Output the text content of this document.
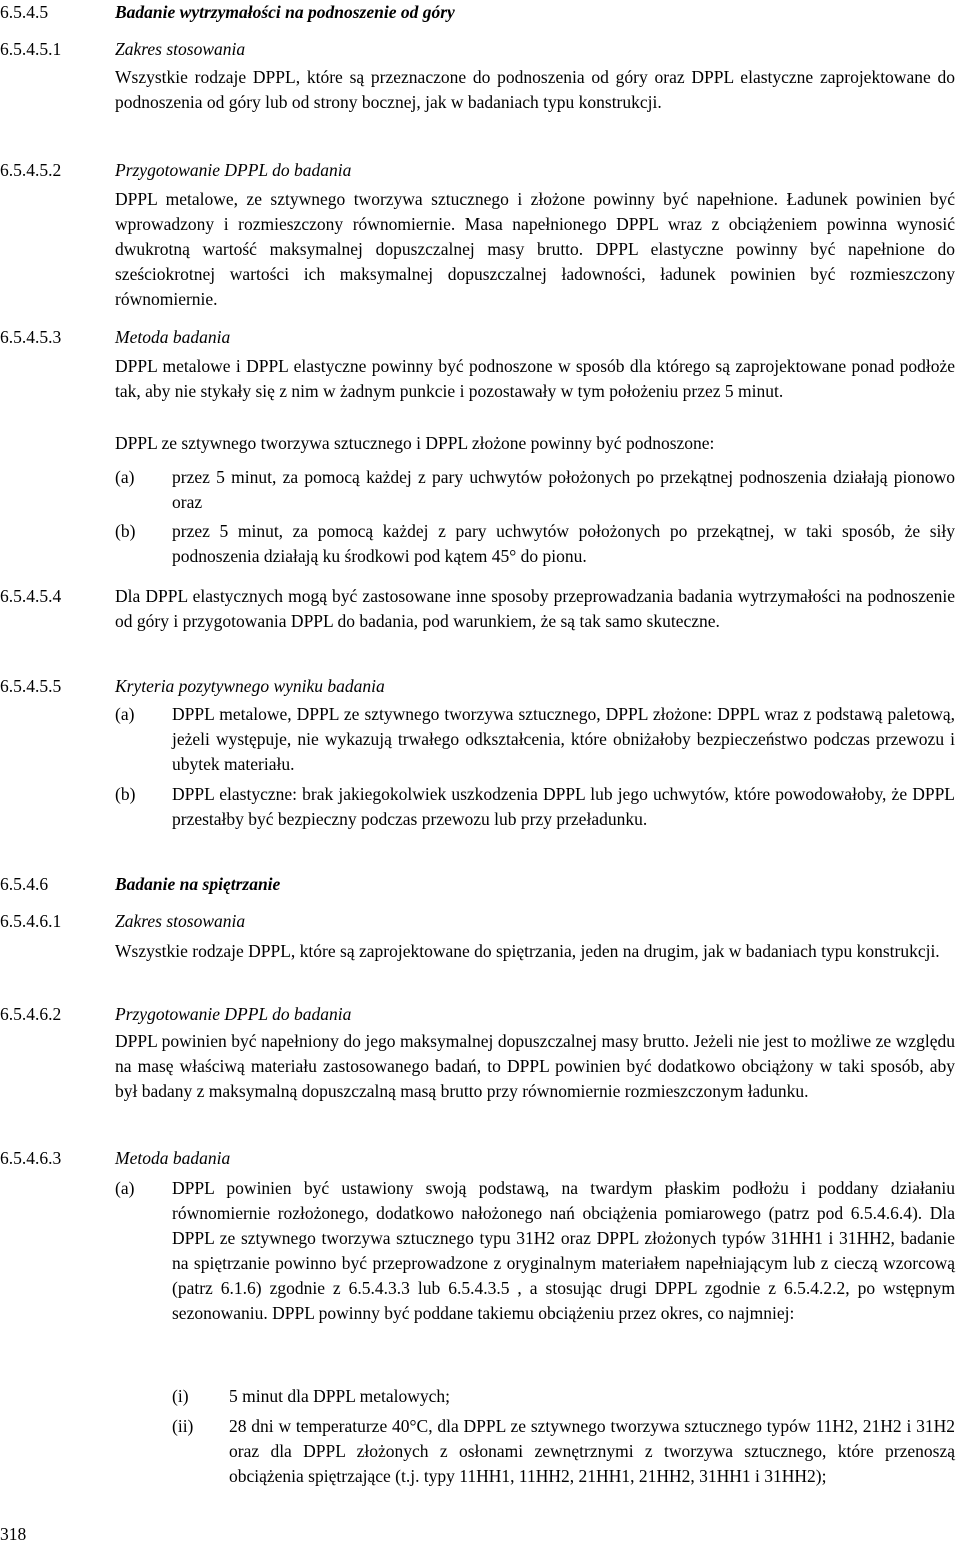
6.5.4.5	Badanie wytrzymałości na podnoszenie od góry
6.5.4.5.1	Zakres stosowania
Wszystkie rodzaje DPPL, które są przeznaczone do podnoszenia od góry oraz DPPL elastyczne zaprojektowane do podnoszenia od góry lub od strony bocznej, jak w badaniach typu konstrukcji.
6.5.4.5.2	Przygotowanie DPPL do badania
DPPL metalowe, ze sztywnego tworzywa sztucznego i złożone powinny być napełnione. Ładunek powinien być wprowadzony i rozmieszczony równomiernie. Masa napełnionego DPPL wraz z obciążeniem powinna wynosić dwukrotną wartość maksymalnej dopuszczalnej masy brutto. DPPL elastyczne powinny być napełnione do sześciokrotnej wartości ich maksymalnej dopuszczalnej ładowności, ładunek powinien być rozmieszczony równomiernie.
6.5.4.5.3	Metoda badania
DPPL metalowe i DPPL elastyczne powinny być podnoszone w sposób dla którego są zaprojektowane ponad podłoże tak, aby nie stykały się z nim w żadnym punkcie i pozostawały w tym położeniu przez 5 minut.
DPPL ze sztywnego tworzywa sztucznego i DPPL złożone powinny być podnoszone:
(a) przez 5 minut, za pomocą każdej z pary uchwytów położonych po przekątnej podnoszenia działają pionowo oraz
(b) przez 5 minut, za pomocą każdej z pary uchwytów położonych po przekątnej, w taki sposób, że siły podnoszenia działają ku środkowi pod kątem 45° do pionu.
6.5.4.5.4	Dla DPPL elastycznych mogą być zastosowane inne sposoby przeprowadzania badania wytrzymałości na podnoszenie od góry i przygotowania DPPL do badania, pod warunkiem, że są tak samo skuteczne.
6.5.4.5.5	Kryteria pozytywnego wyniku badania
(a) DPPL metalowe, DPPL ze sztywnego tworzywa sztucznego, DPPL złożone: DPPL wraz z podstawą paletową, jeżeli występuje, nie wykazują trwałego odkształcenia, które obniżałoby bezpieczeństwo podczas przewozu i ubytek materiału.
(b) DPPL elastyczne: brak jakiegokolwiek uszkodzenia DPPL lub jego uchwytów, które powodowałoby, że DPPL przestałby być bezpieczny podczas przewozu lub przy przeładunku.
6.5.4.6	Badanie na spiętrzanie
6.5.4.6.1	Zakres stosowania
Wszystkie rodzaje DPPL, które są zaprojektowane do spiętrzania, jeden na drugim, jak w badaniach typu konstrukcji.
6.5.4.6.2	Przygotowanie DPPL do badania
DPPL powinien być napełniony do jego maksymalnej dopuszczalnej masy brutto. Jeżeli nie jest to możliwe ze względu na masę właściwą materiału zastosowanego badań, to DPPL powinien być dodatkowo obciążony w taki sposób, aby był badany z maksymalną dopuszczalną masą brutto przy równomiernie rozmieszczonym ładunku.
6.5.4.6.3	Metoda badania
(a) DPPL powinien być ustawiony swoją podstawą, na twardym płaskim podłożu i poddany działaniu równomiernie rozłożonego, dodatkowo nałożonego nań obciążenia pomiarowego (patrz pod 6.5.4.6.4). Dla DPPL ze sztywnego tworzywa sztucznego typu 31H2 oraz DPPL złożonych typów 31HH1 i 31HH2, badanie na spiętrzanie powinno być przeprowadzone z oryginalnym materiałem napełniającym lub z cieczą wzorcową (patrz 6.1.6) zgodnie z 6.5.4.3.3 lub 6.5.4.3.5 , a stosując drugi DPPL zgodnie z 6.5.4.2.2, po wstępnym sezonowaniu. DPPL powinny być poddane takiemu obciążeniu przez okres, co najmniej:
(i) 5 minut dla DPPL metalowych;
(ii) 28 dni w temperaturze 40°C, dla DPPL ze sztywnego tworzywa sztucznego typów 11H2, 21H2 i 31H2 oraz dla DPPL złożonych z osłonami zewnętrznymi z tworzywa sztucznego, które przenoszą obciążenia spiętrzające (t.j. typy 11HH1, 11HH2, 21HH1, 21HH2, 31HH1 i 31HH2);
318
